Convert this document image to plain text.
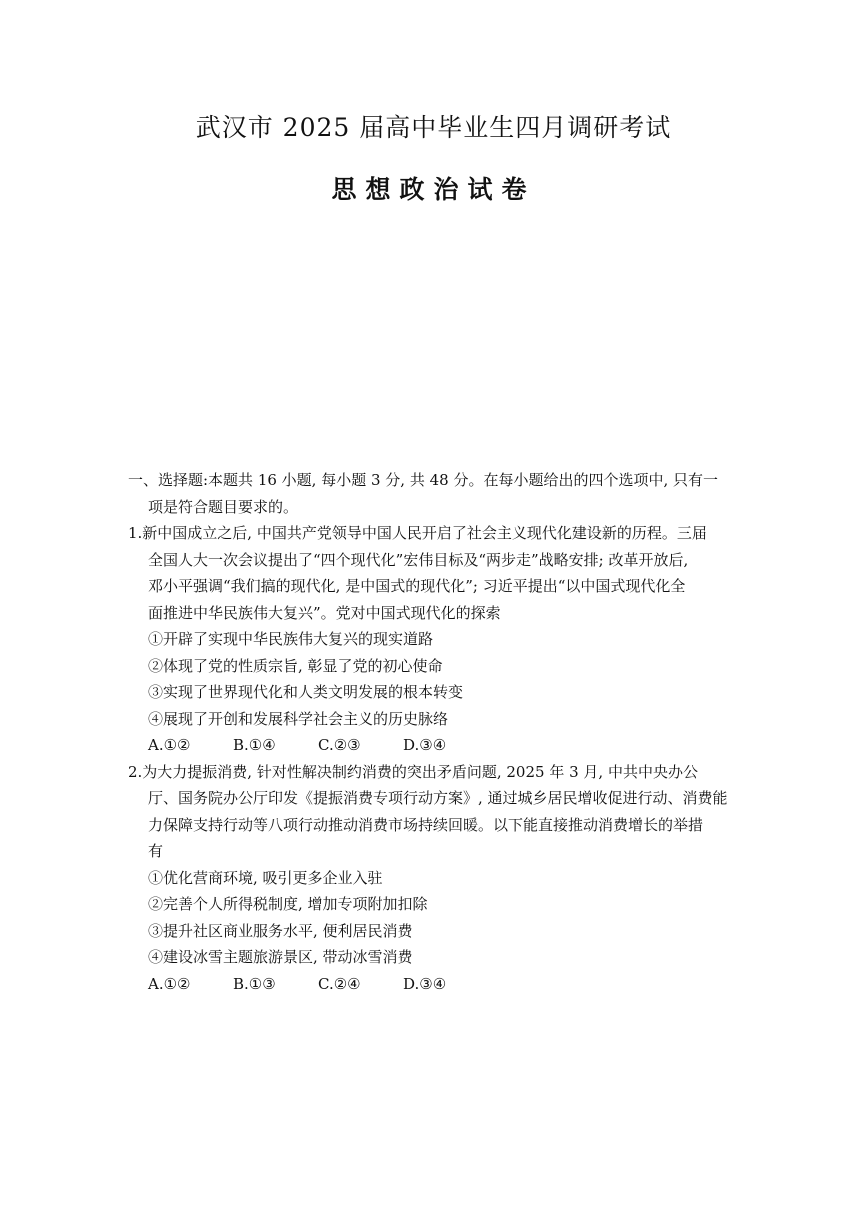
武汉市 2025 届高中毕业生四月调研考试
思想政治试卷
一、选择题:本题共 16 小题, 每小题 3 分, 共 48 分。在每小题给出的四个选项中, 只有一
项是符合题目要求的。
1.新中国成立之后, 中国共产党领导中国人民开启了社会主义现代化建设新的历程。三届
全国人大一次会议提出了“四个现代化”宏伟目标及“两步走”战略安排; 改革开放后,
邓小平强调“我们搞的现代化, 是中国式的现代化”; 习近平提出“以中国式现代化全
面推进中华民族伟大复兴”。党对中国式现代化的探索
①开辟了实现中华民族伟大复兴的现实道路
②体现了党的性质宗旨, 彰显了党的初心使命
③实现了世界现代化和人类文明发展的根本转变
④展现了开创和发展科学社会主义的历史脉络
A.①②	B.①④	C.②③	D.③④
2.为大力提振消费, 针对性解决制约消费的突出矛盾问题, 2025 年 3 月, 中共中央办公
厅、国务院办公厅印发《提振消费专项行动方案》, 通过城乡居民增收促进行动、消费能
力保障支持行动等八项行动推动消费市场持续回暖。以下能直接推动消费增长的举措
有
①优化营商环境, 吸引更多企业入驻
②完善个人所得税制度, 增加专项附加扣除
③提升社区商业服务水平, 便利居民消费
④建设冰雪主题旅游景区, 带动冰雪消费
A.①②	B.①③	C.②④	D.③④
